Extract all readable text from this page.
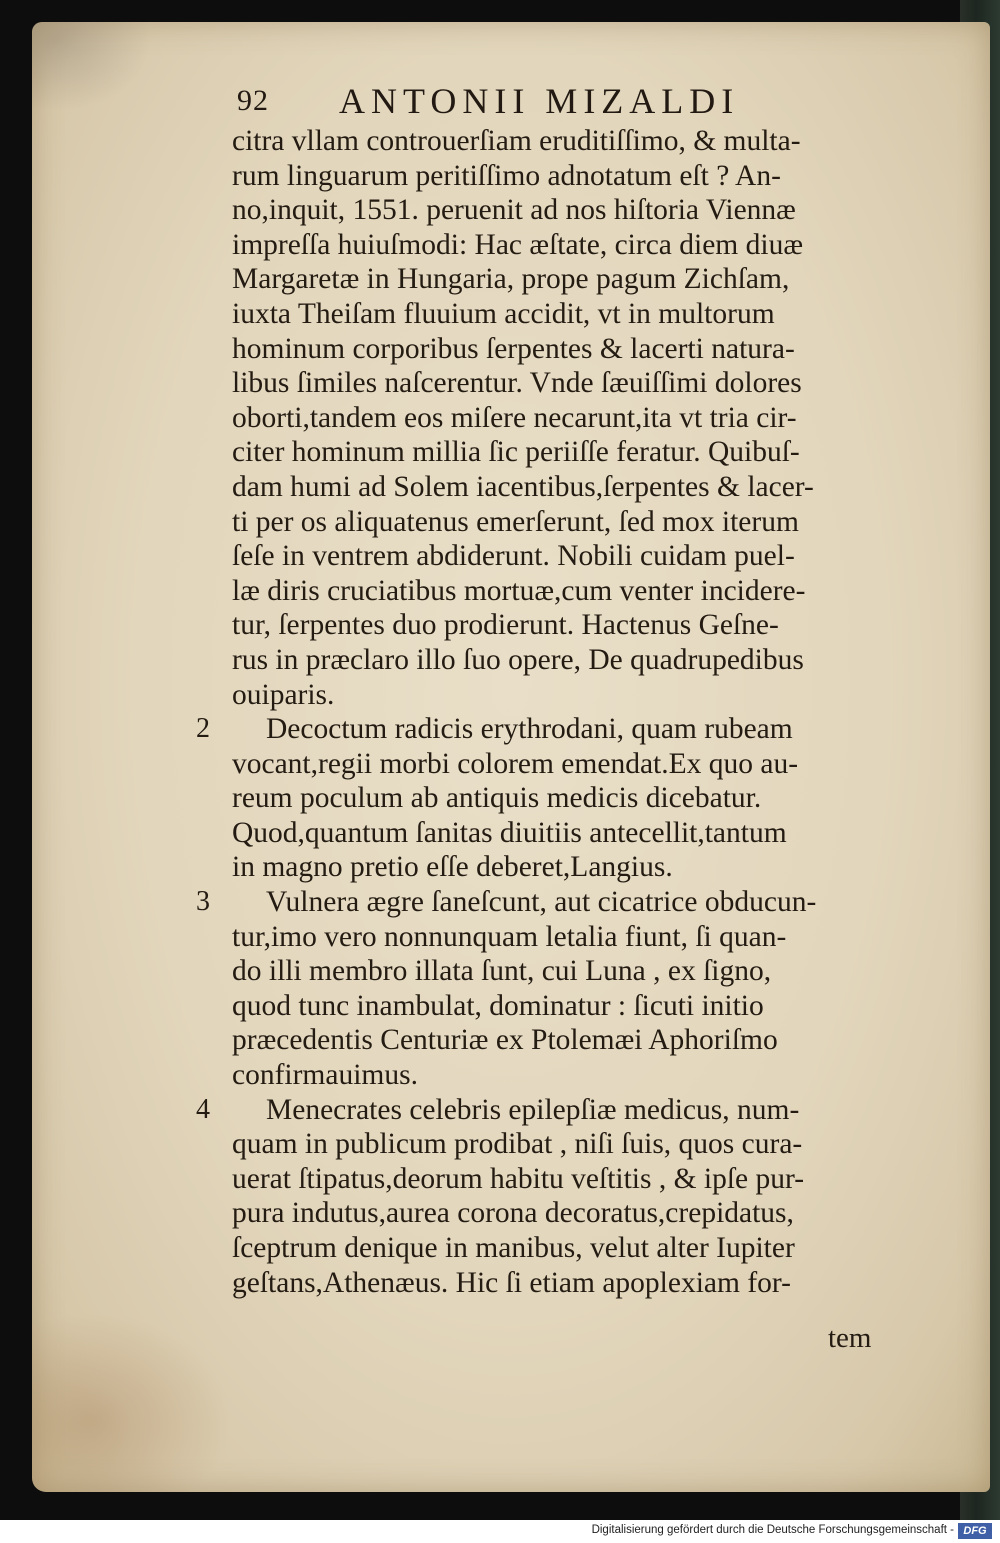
92 ANTONII MIZALDI
citra vllam controuerſiam eruditiſſimo, & multa-
rum linguarum peritiſſimo adnotatum eſt ? An-
no,inquit, 1551. peruenit ad nos hiſtoria Viennæ
impreſſa huiuſmodi: Hac æſtate, circa diem diuæ
Margaretæ in Hungaria, prope pagum Zichſam,
iuxta Theiſam fluuium accidit, vt in multorum
hominum corporibus ſerpentes & lacerti natura-
libus ſimiles naſcerentur. Vnde ſæuiſſimi dolores
oborti,tandem eos miſere necarunt,ita vt tria cir-
citer hominum millia ſic periiſſe feratur. Quibuſ-
dam humi ad Solem iacentibus,ſerpentes & lacer-
ti per os aliquatenus emerſerunt, ſed mox iterum
ſeſe in ventrem abdiderunt. Nobili cuidam puel-
læ diris cruciatibus mortuæ,cum venter incidere-
tur, ſerpentes duo prodierunt. Hactenus Geſne-
rus in præclaro illo ſuo opere, De quadrupedibus
ouiparis.
2	Decoctum radicis erythrodani, quam rubeam
vocant,regii morbi colorem emendat.Ex quo au-
reum poculum ab antiquis medicis dicebatur.
Quod,quantum ſanitas diuitiis antecellit,tantum
in magno pretio eſſe deberet,Langius.
3	Vulnera ægre ſaneſcunt, aut cicatrice obducun-
tur,imo vero nonnunquam letalia fiunt, ſi quan-
do illi membro illata ſunt, cui Luna , ex ſigno,
quod tunc inambulat, dominatur : ſicuti initio
præcedentis Centuriæ ex Ptolemæi Aphoriſmo
confirmauimus.
4	Menecrates celebris epilepſiæ medicus, num-
quam in publicum prodibat , niſi ſuis, quos cura-
uerat ſtipatus,deorum habitu veſtitis , & ipſe pur-
pura indutus,aurea corona decoratus,crepidatus,
ſceptrum denique in manibus, velut alter Iupiter
geſtans,Athenæus. Hic ſi etiam apoplexiam for-
tem
Digitalisierung gefördert durch die Deutsche Forschungsgemeinschaft - DFG
